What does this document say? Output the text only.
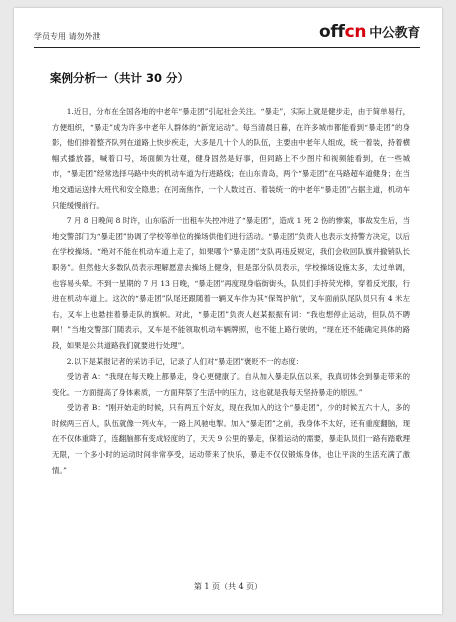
学员专用 请勿外泄	offcn 中公教育
案例分析一（共计 30 分）

1.近日，分布在全国各地的中老年“暴走团”引起社会关注。“暴走”，实际上就是健步走，由于简单易行，方便组织，“暴走”成为许多中老年人群体的“新宠运动”。每当清晨日暮，在许多城市都能看到“暴走团”的身影，他们排着整齐队列在道路上快步疾走，大多是几十个人的队伍，主要由中老年人组成，统一着装，持着横幅式播放器，喊着口号，场面颇为壮观，健身固然是好事，但同路上不少图片和视频能看到，在一些城市，“暴走团”经常选择马路中央的机动车道为行进路线；在山东青岛，两个“暴走团”在马路超车道健身；在当地交通运送排大班代和安全隐患；在河南焦作，一个人数过百、着装统一的中老年“暴走团”占据主道，机动车只能缓慢前行。

7 月 8 日晚间 8 时许，山东临沂一出租车失控冲进了“暴走团”，造成 1 死 2 伤的惨案，事故发生后，当地交警部门为“暴走团”协调了学校等单位的操场供他们进行活动。“暴走团”负责人也表示支持警方决定，以后在学校操场。“绝对不能在机动车道上走了，如果哪个“暴走团”支队再违反规定，我们会收回队旗并撤销队长职务”。但然他大多数队员表示理解愿意去操场上健身，但是部分队员表示，学校操场设施太多，太过单调，也容易头晕。不到一星期的 7 月 13 日晚，“暴走团”再度现身临街街头，队员们手持荧光棒，穿着反光服，行进在机动车道上。这次的“暴走团”队尾还跟随着一辆叉车作为其“保驾护航”，叉车面前队尾队员只有 4 米左右，叉车上也悬挂着暴走队的旗帜。对此，“暴走团”负责人赵某振振有词：“我也想停止运动，但队员不聘啊！”当地交警部门随表示，叉车是不能领取机动车辆牌照，也不能上路行驶的，“现在还不能确定具体的路段，如果是公共道路我们就要进行处理”。

2.以下是某报记者的采访手记，记录了人们对“暴走团”褒贬不一的态度：

受访者 A：“我现在每天晚上都暴走，身心更健康了。自从加入暴走队伍以来，我真切体会到暴走带来的变化。一方面提高了身体素质，一方面拜祭了生活中的压力，这也就是我每天坚持暴走的原因。”

受访者 B：“刚开始走的时候，只有两五个好友，现在我加入的这个“暴走团”，少的时候五六十人，多的时候两三百人，队伍就像一列火车，一路上风驰电掣。加入“暴走团”之前，我身体不太好，还有重度翻脑，现在不仅体重降了，连翻脑都有变成轻度的了，天天 9 公里的暴走，保着运动的需要，暴走队员们一路有踏歌理无限，一个多小时的运动时间非常享受，运动带来了快乐，暴走不仅仅锻炼身体，也让平淡的生活充满了激情。”

第 1 页（共 4 页）
